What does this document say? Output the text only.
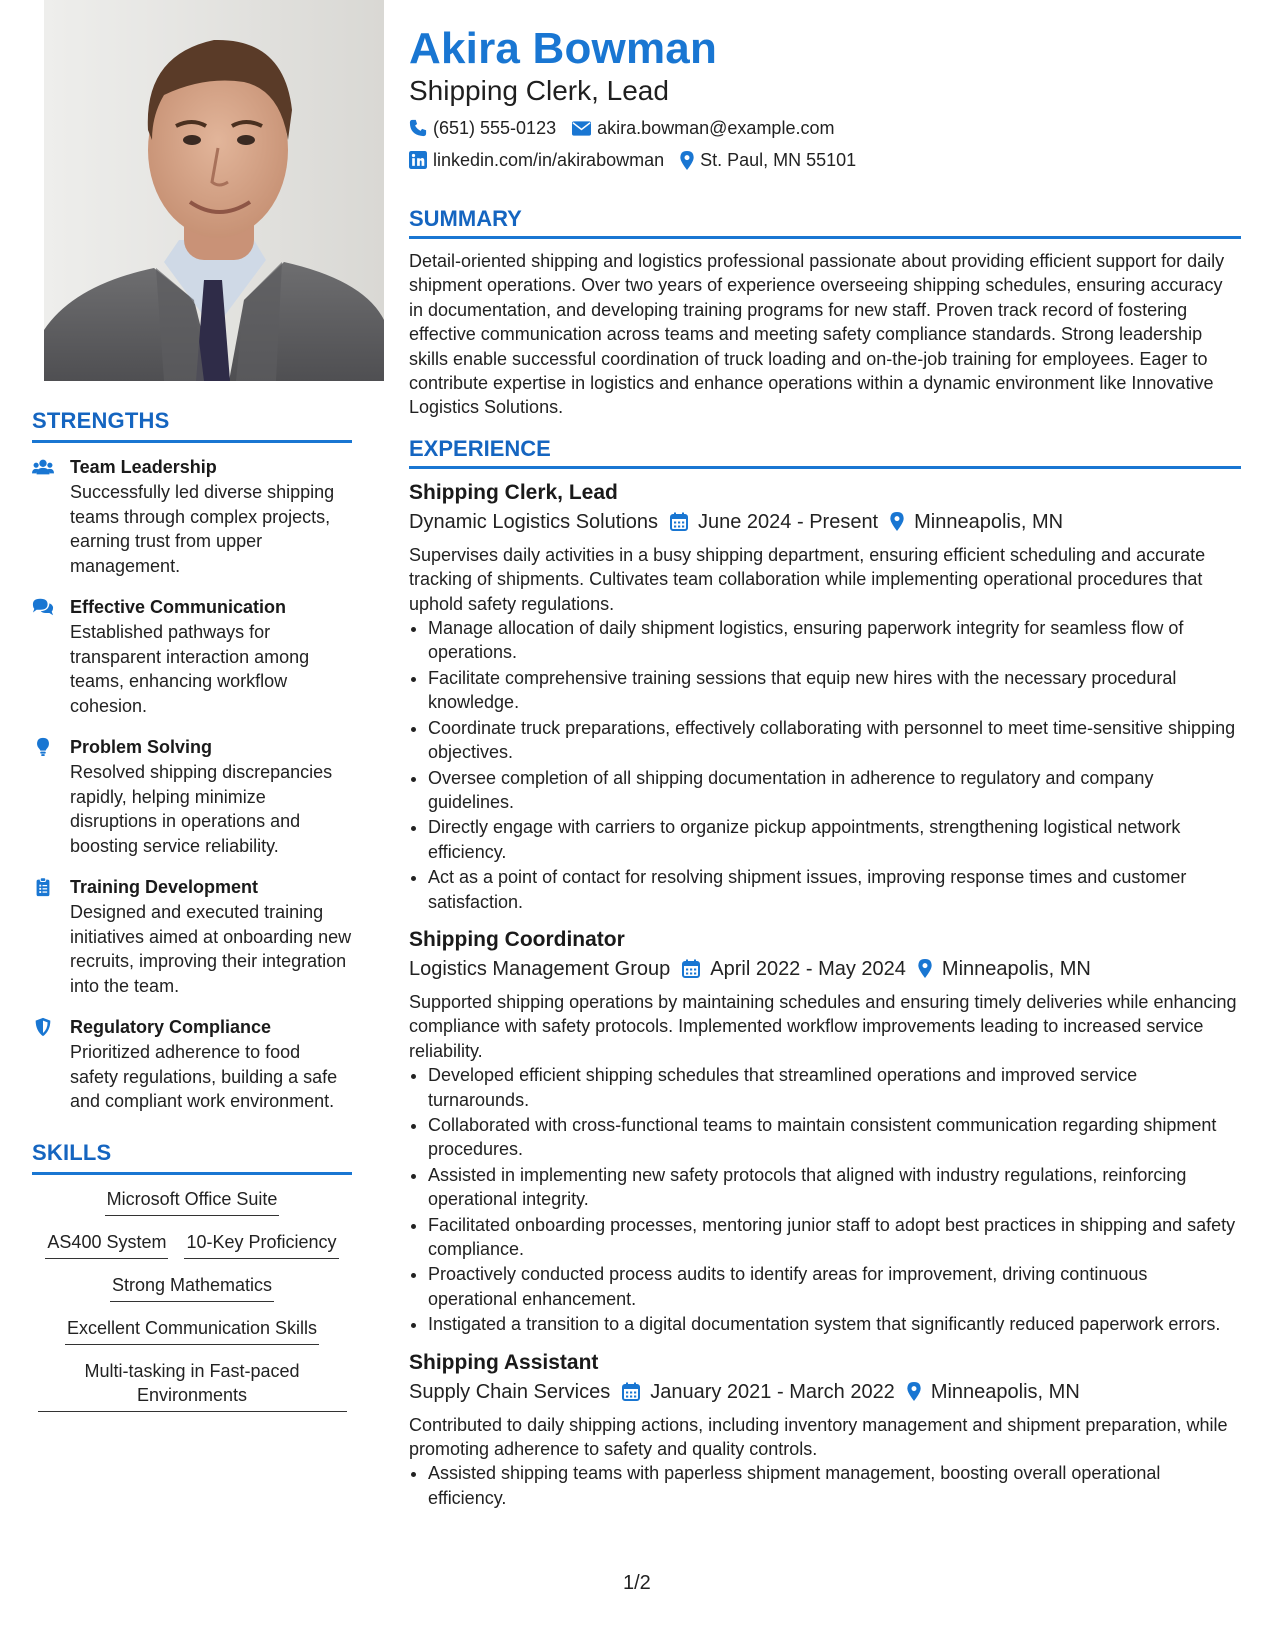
STRENGTHS
Team Leadership
Successfully led diverse shipping teams through complex projects, earning trust from upper management.
Effective Communication
Established pathways for transparent interaction among teams, enhancing workflow cohesion.
Problem Solving
Resolved shipping discrepancies rapidly, helping minimize disruptions in operations and boosting service reliability.
Training Development
Designed and executed training initiatives aimed at onboarding new recruits, improving their integration into the team.
Regulatory Compliance
Prioritized adherence to food safety regulations, building a safe and compliant work environment.
SKILLS
Microsoft Office Suite
AS400 System 10-Key Proficiency
Strong Mathematics
Excellent Communication Skills
Multi-tasking in Fast-paced Environments
Akira Bowman
Shipping Clerk, Lead
(651) 555-0123 akira.bowman@example.com
linkedin.com/in/akirabowman St. Paul, MN 55101
SUMMARY

Detail-oriented shipping and logistics professional passionate about providing efficient support for daily shipment operations. Over two years of experience overseeing shipping schedules, ensuring accuracy in documentation, and developing training programs for new staff. Proven track record of fostering effective communication across teams and meeting safety compliance standards. Strong leadership skills enable successful coordination of truck loading and on-the-job training for employees. Eager to contribute expertise in logistics and enhance operations within a dynamic environment like Innovative Logistics Solutions.

EXPERIENCE
Shipping Clerk, Lead
Dynamic Logistics Solutions June 2024 - Present Minneapolis, MN

Supervises daily activities in a busy shipping department, ensuring efficient scheduling and accurate tracking of shipments. Cultivates team collaboration while implementing operational procedures that uphold safety regulations.

• Manage allocation of daily shipment logistics, ensuring paperwork integrity for seamless flow of operations.
• Facilitate comprehensive training sessions that equip new hires with the necessary procedural knowledge.
• Coordinate truck preparations, effectively collaborating with personnel to meet time-sensitive shipping objectives.
• Oversee completion of all shipping documentation in adherence to regulatory and company guidelines.
• Directly engage with carriers to organize pickup appointments, strengthening logistical network efficiency.
• Act as a point of contact for resolving shipment issues, improving response times and customer satisfaction.
Shipping Coordinator
Logistics Management Group April 2022 - May 2024 Minneapolis, MN

Supported shipping operations by maintaining schedules and ensuring timely deliveries while enhancing compliance with safety protocols. Implemented workflow improvements leading to increased service reliability.

• Developed efficient shipping schedules that streamlined operations and improved service turnarounds.
• Collaborated with cross-functional teams to maintain consistent communication regarding shipment procedures.
• Assisted in implementing new safety protocols that aligned with industry regulations, reinforcing operational integrity.
• Facilitated onboarding processes, mentoring junior staff to adopt best practices in shipping and safety compliance.
• Proactively conducted process audits to identify areas for improvement, driving continuous operational enhancement.
• Instigated a transition to a digital documentation system that significantly reduced paperwork errors.
Shipping Assistant
Supply Chain Services January 2021 - March 2022 Minneapolis, MN

Contributed to daily shipping actions, including inventory management and shipment preparation, while promoting adherence to safety and quality controls.

• Assisted shipping teams with paperless shipment management, boosting overall operational efficiency.
1/2
